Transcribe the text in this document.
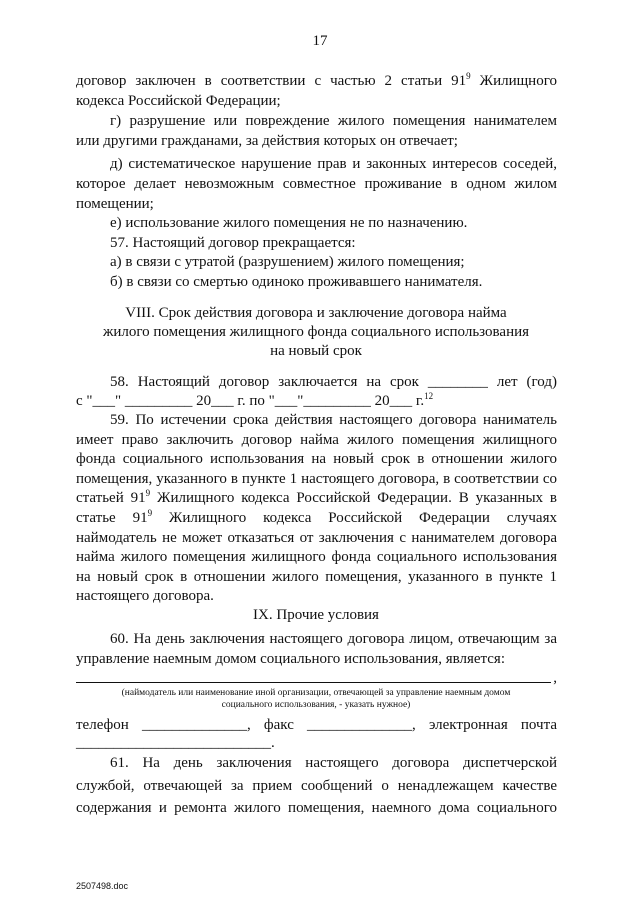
17
договор заключен в соответствии с частью 2 статьи $91^9$ Жилищного
кодекса Российской Федерации;
г) разрушение или повреждение жилого помещения нанимателем
или другими гражданами, за действия которых он отвечает;
д) систематическое нарушение прав и законных интересов соседей,
которое делает невозможным совместное проживание в одном жилом
помещении;
е) использование жилого помещения не по назначению.
57. Настоящий договор прекращается:
а) в связи с утратой (разрушением) жилого помещения;
б) в связи со смертью одиноко проживавшего нанимателя.
VIII. Срок действия договора и заключение договора найма
жилого помещения жилищного фонда социального использования
на новый срок
58. Настоящий договор заключается на срок ________ лет (год)
с "___" _________ 20___ г. по "___"_________ 20___ г.$^{12}$
59. По истечении срока действия настоящего договора наниматель
имеет право заключить договор найма жилого помещения жилищного
фонда социального использования на новый срок в отношении жилого
помещения, указанного в пункте 1 настоящего договора, в соответствии со
статьей $91^9$ Жилищного кодекса Российской Федерации. В указанных в
статье $91^9$ Жилищного кодекса Российской Федерации случаях
наймодатель не может отказаться от заключения с нанимателем договора
найма жилого помещения жилищного фонда социального использования
на новый срок в отношении жилого помещения, указанного в пункте 1
настоящего договора.
IX. Прочие условия
60. На день заключения настоящего договора лицом, отвечающим за
управление наемным домом социального использования, является:
,
(наймодатель или наименование иной организации, отвечающей за управление наемным домом
социального использования, - указать нужное)
телефон ______________, факс ______________, электронная почта
__________________________.
61. На день заключения настоящего договора диспетчерской
службой, отвечающей за прием сообщений о ненадлежащем качестве
содержания и ремонта жилого помещения, наемного дома социального
2507498.doc
